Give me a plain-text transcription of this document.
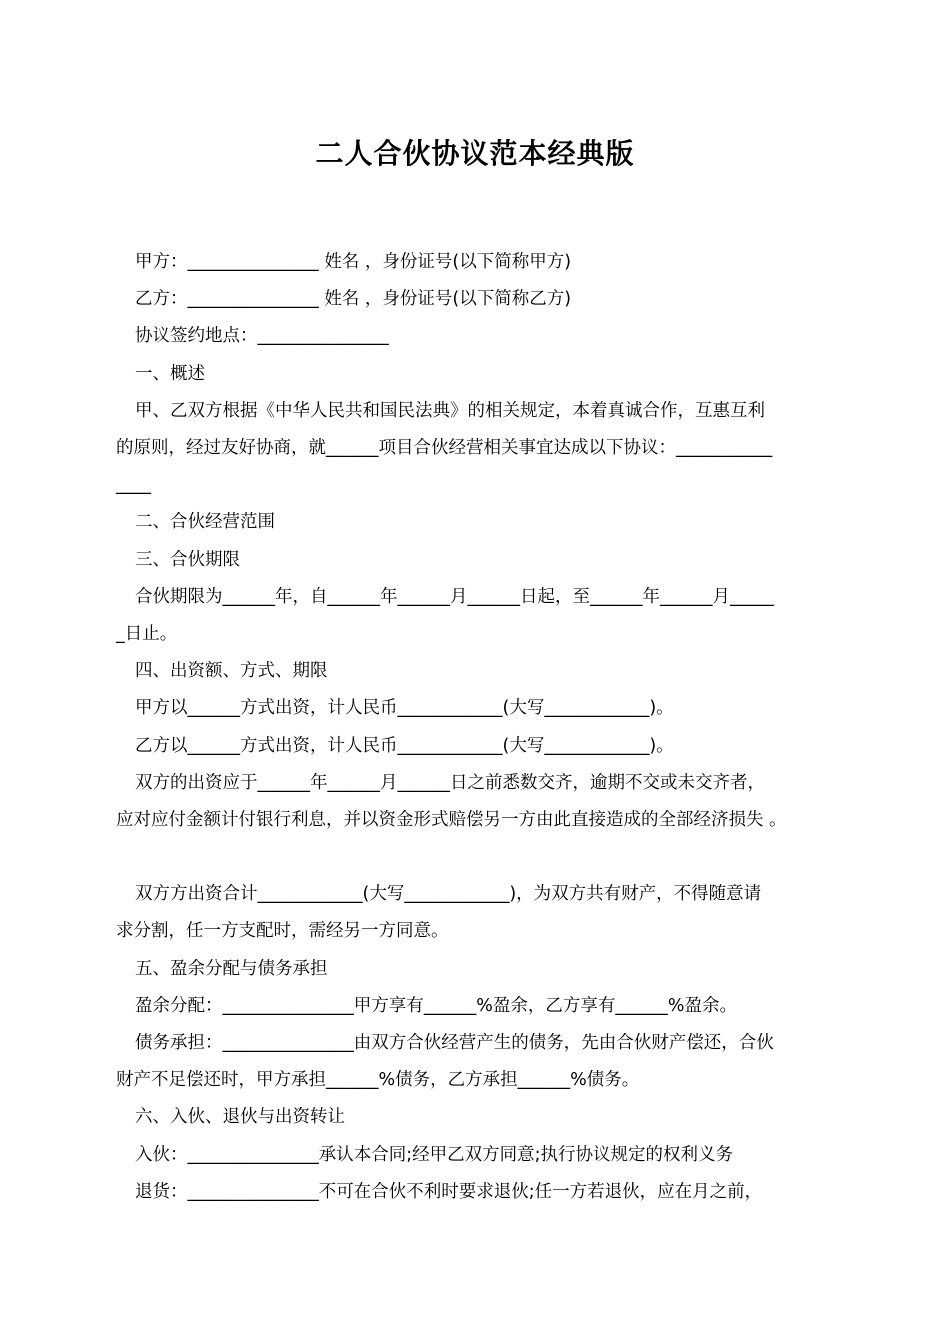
二人合伙协议范本经典版

甲方：_______________ 姓名 ，身份证号(以下简称甲方)

乙方：_______________ 姓名 ，身份证号(以下简称乙方)

协议签约地点：_______________

一、概述

甲、乙双方根据《中华人民共和国民法典》的相关规定，本着真诚合作，互惠互利

的原则，经过友好协商，就______项目合伙经营相关事宜达成以下协议：___________

____

二、合伙经营范围

三、合伙期限

合伙期限为______年，自______年______月______日起，至______年______月_____

_日止。

四、出资额、方式、期限

甲方以______方式出资，计人民币____________(大写____________)。

乙方以______方式出资，计人民币____________(大写____________)。

双方的出资应于______年______月______日之前悉数交齐，逾期不交或未交齐者，

应对应付金额计付银行利息，并以资金形式赔偿另一方由此直接造成的全部经济损失 。

双方方出资合计____________(大写____________)，为双方共有财产，不得随意请

求分割，任一方支配时，需经另一方同意。

五、盈余分配与债务承担

盈余分配：_______________甲方享有______%盈余，乙方享有______%盈余。

债务承担：_______________由双方合伙经营产生的债务，先由合伙财产偿还，合伙

财产不足偿还时，甲方承担______%债务，乙方承担______%债务。

六、入伙、退伙与出资转让

入伙：_______________承认本合同;经甲乙双方同意;执行协议规定的权利义务

退货：_______________不可在合伙不利时要求退伙;任一方若退伙，应在月之前，
